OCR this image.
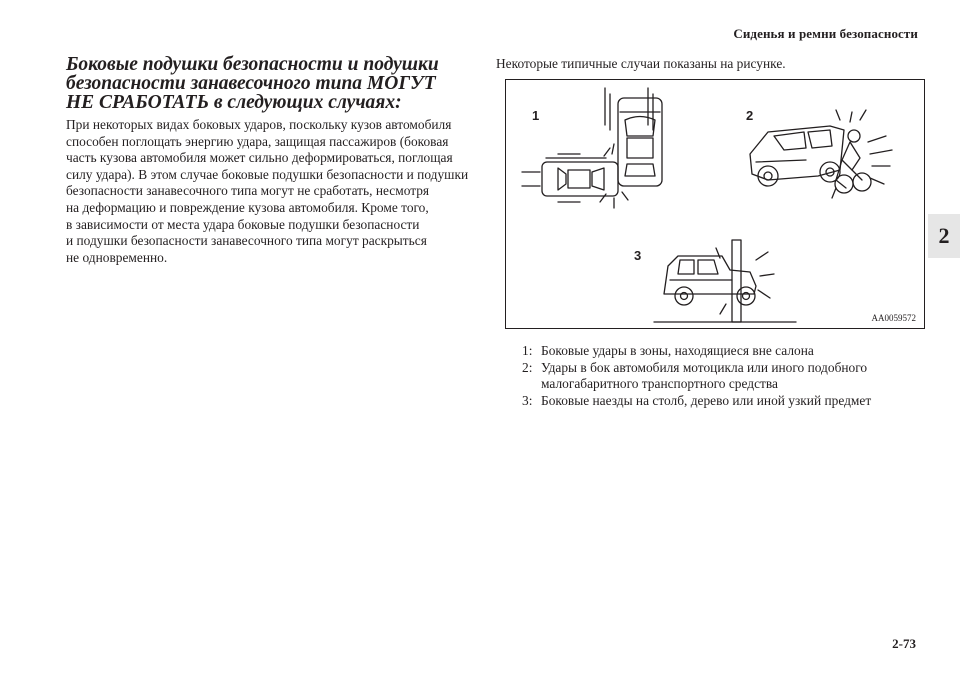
Сиденья и ремни безопасности
2
Боковые подушки безопасности и подушки
безопасности занавесочного типа МОГУТ
НЕ СРАБОТАТЬ в следующих случаях:
При некоторых видах боковых ударов, поскольку кузов автомобиля
способен поглощать энергию удара, защищая пассажиров (боковая
часть кузова автомобиля может сильно деформироваться, поглощая
силу удара). В этом случае боковые подушки безопасности и подушки
безопасности занавесочного типа могут не сработать, несмотря
на деформацию и повреждение кузова автомобиля. Кроме того,
в зависимости от места удара боковые подушки безопасности
и подушки безопасности занавесочного типа могут раскрыться
не одновременно.
Некоторые типичные случаи показаны на рисунке.
1	2
3
AA0059572
1: Боковые удары в зоны, находящиеся вне салона
2: Удары в бок автомобиля мотоцикла или иного подобного
малогабаритного транспортного средства
3: Боковые наезды на столб, дерево или иной узкий предмет
2-73
